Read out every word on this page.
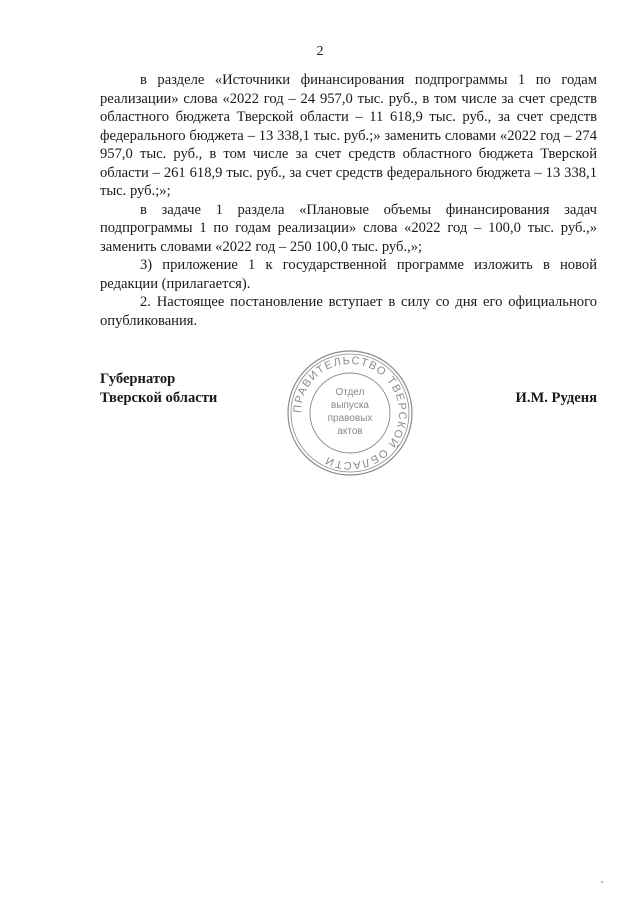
2

в разделе «Источники финансирования подпрограммы 1 по годам реализации» слова «2022 год – 24 957,0 тыс. руб., в том числе за счет средств областного бюджета Тверской области – 11 618,9 тыс. руб., за счет средств федерального бюджета – 13 338,1 тыс. руб.;» заменить словами «2022 год – 274 957,0 тыс. руб., в том числе за счет средств областного бюджета Тверской области – 261 618,9 тыс. руб., за счет средств федерального бюджета – 13 338,1 тыс. руб.;»;

в задаче 1 раздела «Плановые объемы финансирования задач подпрограммы 1 по годам реализации» слова «2022 год – 100,0 тыс. руб.,» заменить словами «2022 год – 250 100,0 тыс. руб.,»;

3) приложение 1 к государственной программе изложить в новой редакции (прилагается).

2. Настоящее постановление вступает в силу со дня его официального опубликования.

Губернатор
Тверской области
ПРАВИТЕЛЬСТВО ТВЕРСКОЙ ОБЛАСТИ
Отдел
выпуска
правовых
актов
И.М. Руденя
